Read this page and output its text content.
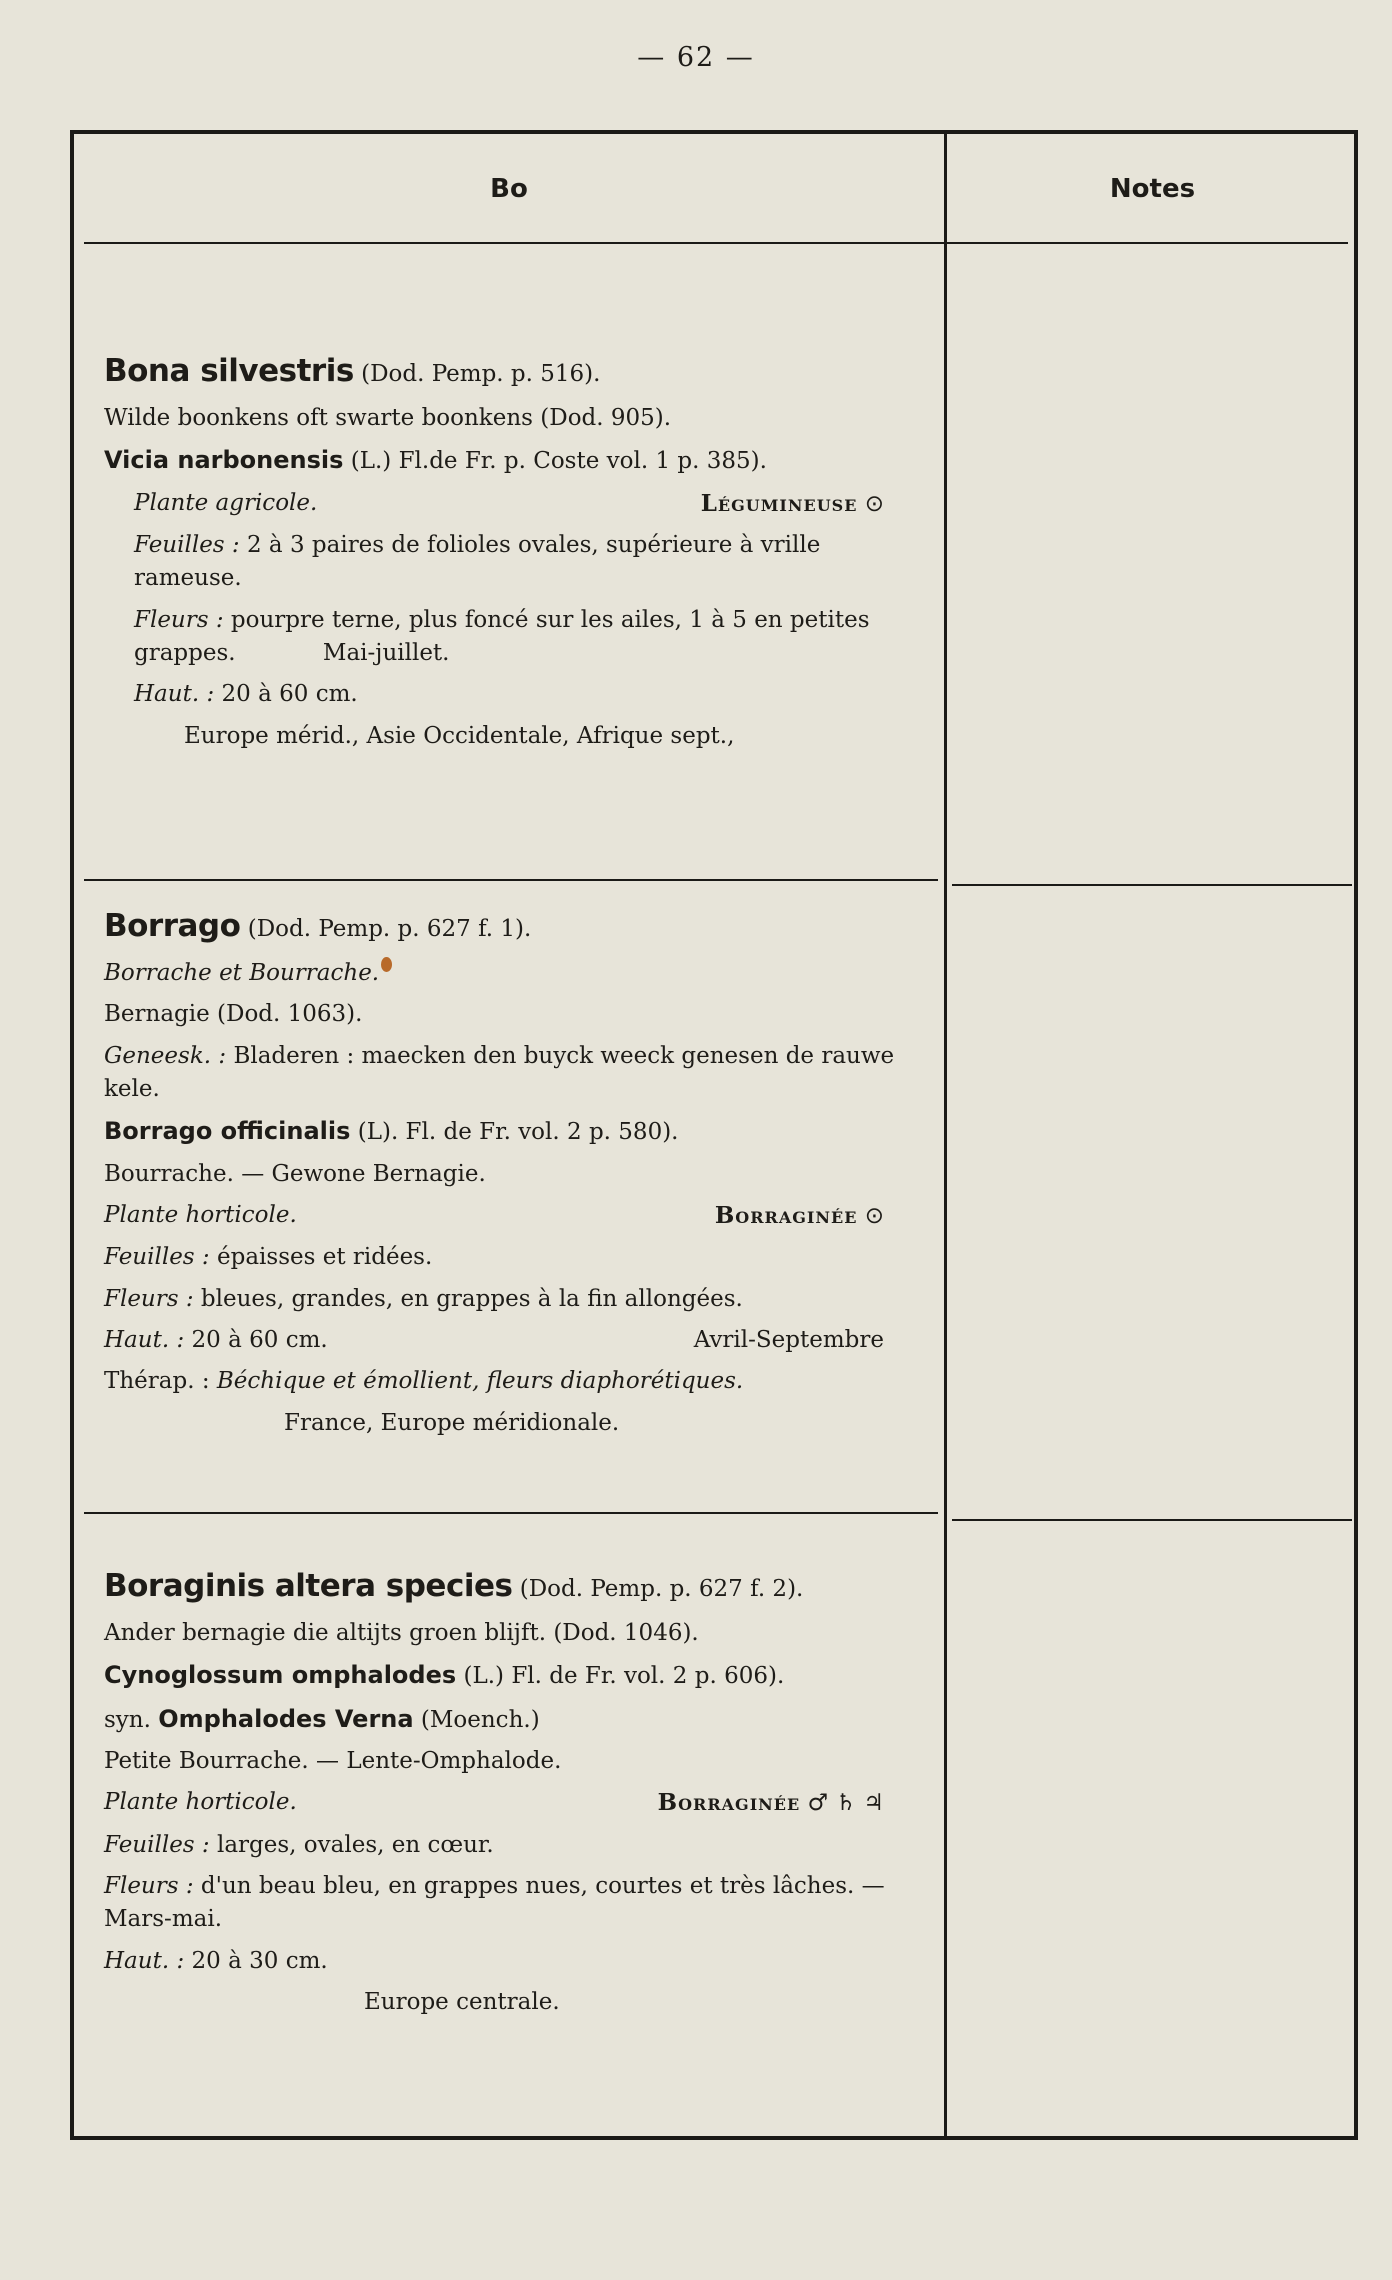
— 62 —
Bo	Notes

Bona silvestris (Dod. Pemp. p. 516).

Wilde boonkens oft swarte boonkens (Dod. 905).

Vicia narbonensis (L.) Fl.de Fr. p. Coste vol. 1 p. 385).

Plante agricole.	Légumineuse ⊙

Feuilles : 2 à 3 paires de folioles ovales, supérieure à vrille rameuse.

Fleurs : pourpre terne, plus foncé sur les ailes, 1 à 5 en petites grappes.	Mai-juillet.

Haut. : 20 à 60 cm.

Europe mérid., Asie Occidentale, Afrique sept.,

Borrago (Dod. Pemp. p. 627 f. 1).

Borrache et Bourrache.

Bernagie (Dod. 1063).

Geneesk. : Bladeren : maecken den buyck weeck genesen de rauwe kele.

Borrago officinalis (L). Fl. de Fr. vol. 2 p. 580).

Bourrache. — Gewone Bernagie.

Plante horticole.	Borraginée ⊙

Feuilles : épaisses et ridées.

Fleurs : bleues, grandes, en grappes à la fin allongées.

Haut. : 20 à 60 cm.	Avril-Septembre

Thérap. : Béchique et émollient, fleurs diaphorétiques.

France, Europe méridionale.

Boraginis altera species (Dod. Pemp. p. 627 f. 2).

Ander bernagie die altijts groen blijft. (Dod. 1046).

Cynoglossum omphalodes (L.) Fl. de Fr. vol. 2 p. 606).

syn. Omphalodes Verna (Moench.)

Petite Bourrache. — Lente-Omphalode.

Plante horticole.	Borraginée ♂ ♄ ♃

Feuilles : larges, ovales, en cœur.

Fleurs : d'un beau bleu, en grappes nues, courtes et très lâches. — Mars-mai.

Haut. : 20 à 30 cm.

Europe centrale.
